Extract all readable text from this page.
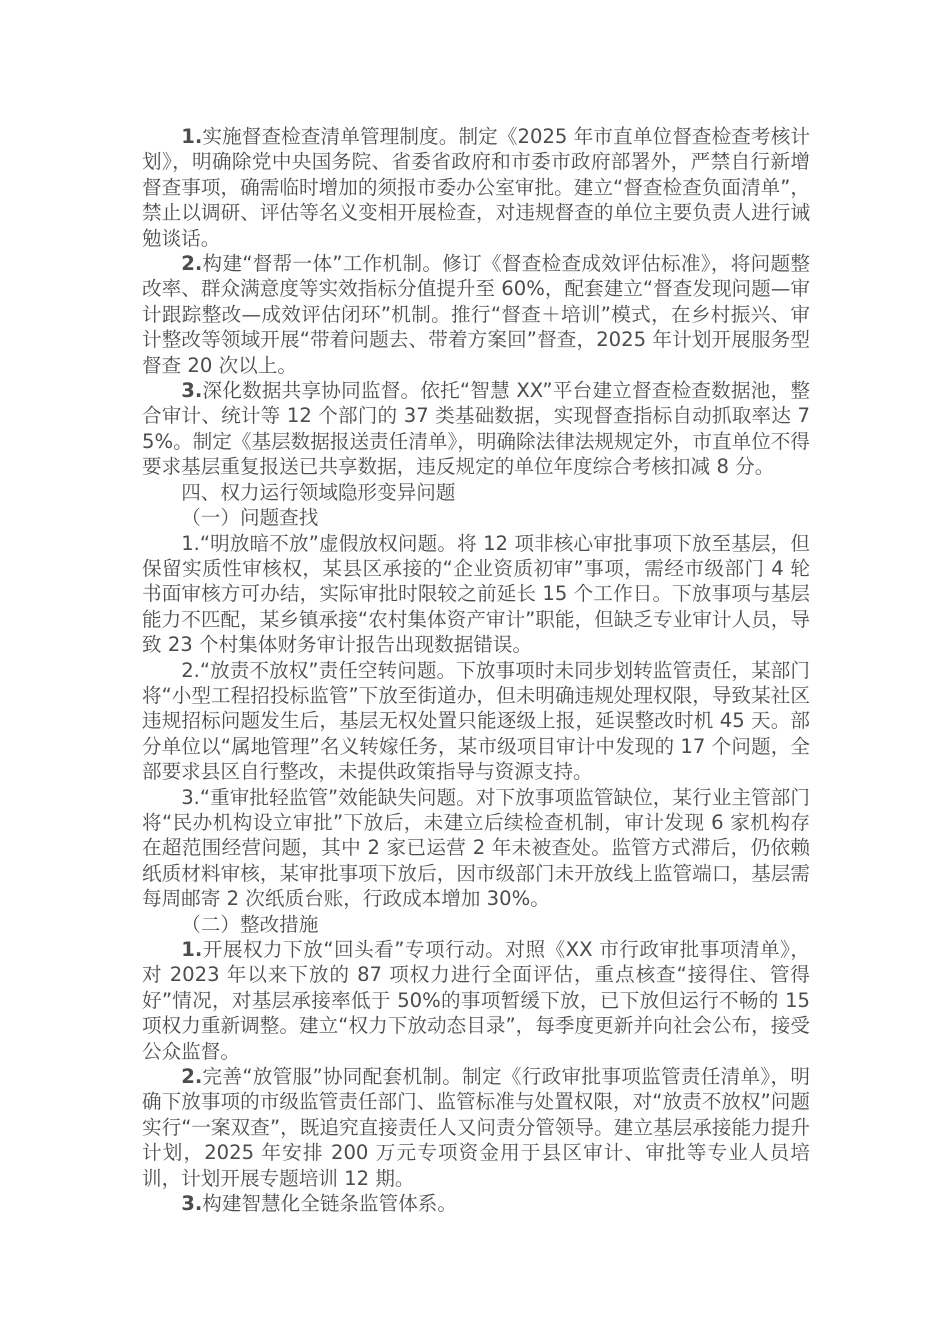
1.实施督查检查清单管理制度。制定《2025 年市直单位督查检查考核计划》，明确除党中央国务院、省委省政府和市委市政府部署外，严禁自行新增督查事项，确需临时增加的须报市委办公室审批。建立“督查检查负面清单”，禁止以调研、评估等名义变相开展检查，对违规督查的单位主要负责人进行诫勉谈话。

2.构建“督帮一体”工作机制。修订《督查检查成效评估标准》，将问题整改率、群众满意度等实效指标分值提升至 60%，配套建立“督查发现问题—审计跟踪整改—成效评估闭环”机制。推行“督查＋培训”模式，在乡村振兴、审计整改等领域开展“带着问题去、带着方案回”督查，2025 年计划开展服务型督查 20 次以上。

3.深化数据共享协同监督。依托“智慧 XX”平台建立督查检查数据池，整合审计、统计等 12 个部门的 37 类基础数据，实现督查指标自动抓取率达 75%。制定《基层数据报送责任清单》，明确除法律法规规定外，市直单位不得要求基层重复报送已共享数据，违反规定的单位年度综合考核扣减 8 分。

四、权力运行领域隐形变异问题

（一）问题查找

1.“明放暗不放”虚假放权问题。将 12 项非核心审批事项下放至基层，但保留实质性审核权，某县区承接的“企业资质初审”事项，需经市级部门 4 轮书面审核方可办结，实际审批时限较之前延长 15 个工作日。下放事项与基层能力不匹配，某乡镇承接“农村集体资产审计”职能，但缺乏专业审计人员，导致 23 个村集体财务审计报告出现数据错误。

2.“放责不放权”责任空转问题。下放事项时未同步划转监管责任，某部门将“小型工程招投标监管”下放至街道办，但未明确违规处理权限，导致某社区违规招标问题发生后，基层无权处置只能逐级上报，延误整改时机 45 天。部分单位以“属地管理”名义转嫁任务，某市级项目审计中发现的 17 个问题，全部要求县区自行整改，未提供政策指导与资源支持。

3.“重审批轻监管”效能缺失问题。对下放事项监管缺位，某行业主管部门将“民办机构设立审批”下放后，未建立后续检查机制，审计发现 6 家机构存在超范围经营问题，其中 2 家已运营 2 年未被查处。监管方式滞后，仍依赖纸质材料审核，某审批事项下放后，因市级部门未开放线上监管端口，基层需每周邮寄 2 次纸质台账，行政成本增加 30%。

（二）整改措施

1.开展权力下放“回头看”专项行动。对照《XX 市行政审批事项清单》，对 2023 年以来下放的 87 项权力进行全面评估，重点核查“接得住、管得好”情况，对基层承接率低于 50%的事项暂缓下放，已下放但运行不畅的 15 项权力重新调整。建立“权力下放动态目录”，每季度更新并向社会公布，接受公众监督。

2.完善“放管服”协同配套机制。制定《行政审批事项监管责任清单》，明确下放事项的市级监管责任部门、监管标准与处置权限，对“放责不放权”问题实行“一案双查”，既追究直接责任人又问责分管领导。建立基层承接能力提升计划，2025 年安排 200 万元专项资金用于县区审计、审批等专业人员培训，计划开展专题培训 12 期。

3.构建智慧化全链条监管体系。
